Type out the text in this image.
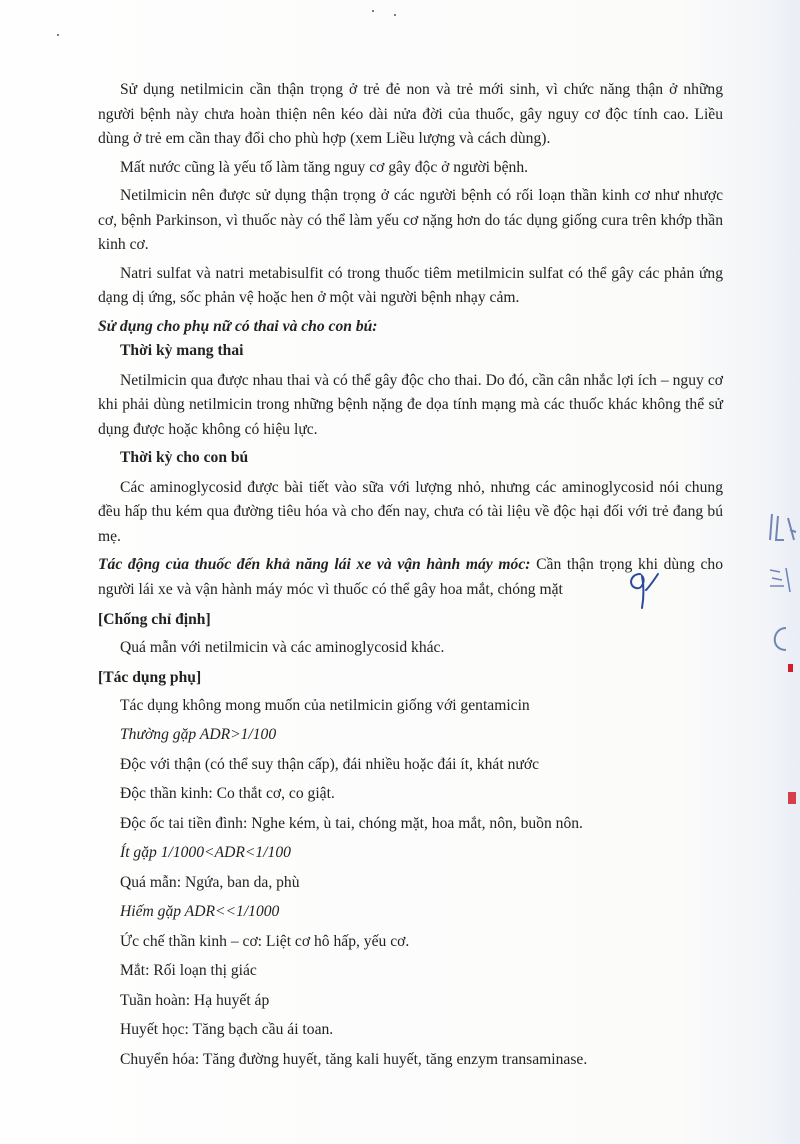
Sử dụng netilmicin cần thận trọng ở trẻ đẻ non và trẻ mới sinh, vì chức năng thận ở những người bệnh này chưa hoàn thiện nên kéo dài nửa đời của thuốc, gây nguy cơ độc tính cao. Liều dùng ở trẻ em cần thay đổi cho phù hợp (xem Liều lượng và cách dùng).

Mất nước cũng là yếu tố làm tăng nguy cơ gây độc ở người bệnh.

Netilmicin nên được sử dụng thận trọng ở các người bệnh có rối loạn thần kinh cơ như nhược cơ, bệnh Parkinson, vì thuốc này có thể làm yếu cơ nặng hơn do tác dụng giống cura trên khớp thần kinh cơ.

Natri sulfat và natri metabisulfit có trong thuốc tiêm metilmicin sulfat có thể gây các phản ứng dạng dị ứng, sốc phản vệ hoặc hen ở một vài người bệnh nhạy cảm.

Sử dụng cho phụ nữ có thai và cho con bú:

Thời kỳ mang thai

Netilmicin qua được nhau thai và có thể gây độc cho thai. Do đó, cần cân nhắc lợi ích – nguy cơ khi phải dùng netilmicin trong những bệnh nặng đe dọa tính mạng mà các thuốc khác không thể sử dụng được hoặc không có hiệu lực.

Thời kỳ cho con bú

Các aminoglycosid được bài tiết vào sữa với lượng nhỏ, nhưng các aminoglycosid nói chung đều hấp thu kém qua đường tiêu hóa và cho đến nay, chưa có tài liệu về độc hại đối với trẻ đang bú mẹ.

Tác động của thuốc đến khả năng lái xe và vận hành máy móc: Cần thận trọng khi dùng cho người lái xe và vận hành máy móc vì thuốc có thể gây hoa mắt, chóng mặt

[Chống chỉ định]

Quá mẫn với netilmicin và các aminoglycosid khác.

[Tác dụng phụ]

Tác dụng không mong muốn của netilmicin giống với gentamicin

Thường gặp ADR>1/100

Độc với thận (có thể suy thận cấp), đái nhiều hoặc đái ít, khát nước

Độc thần kinh: Co thắt cơ, co giật.

Độc ốc tai tiền đình: Nghe kém, ù tai, chóng mặt, hoa mắt, nôn, buồn nôn.

Ít gặp 1/1000<ADR<1/100

Quá mẫn: Ngứa, ban da, phù

Hiếm gặp ADR<<1/1000

Ức chế thần kinh – cơ: Liệt cơ hô hấp, yếu cơ.

Mắt: Rối loạn thị giác

Tuần hoàn: Hạ huyết áp

Huyết học: Tăng bạch cầu ái toan.

Chuyển hóa: Tăng đường huyết, tăng kali huyết, tăng enzym transaminase.
